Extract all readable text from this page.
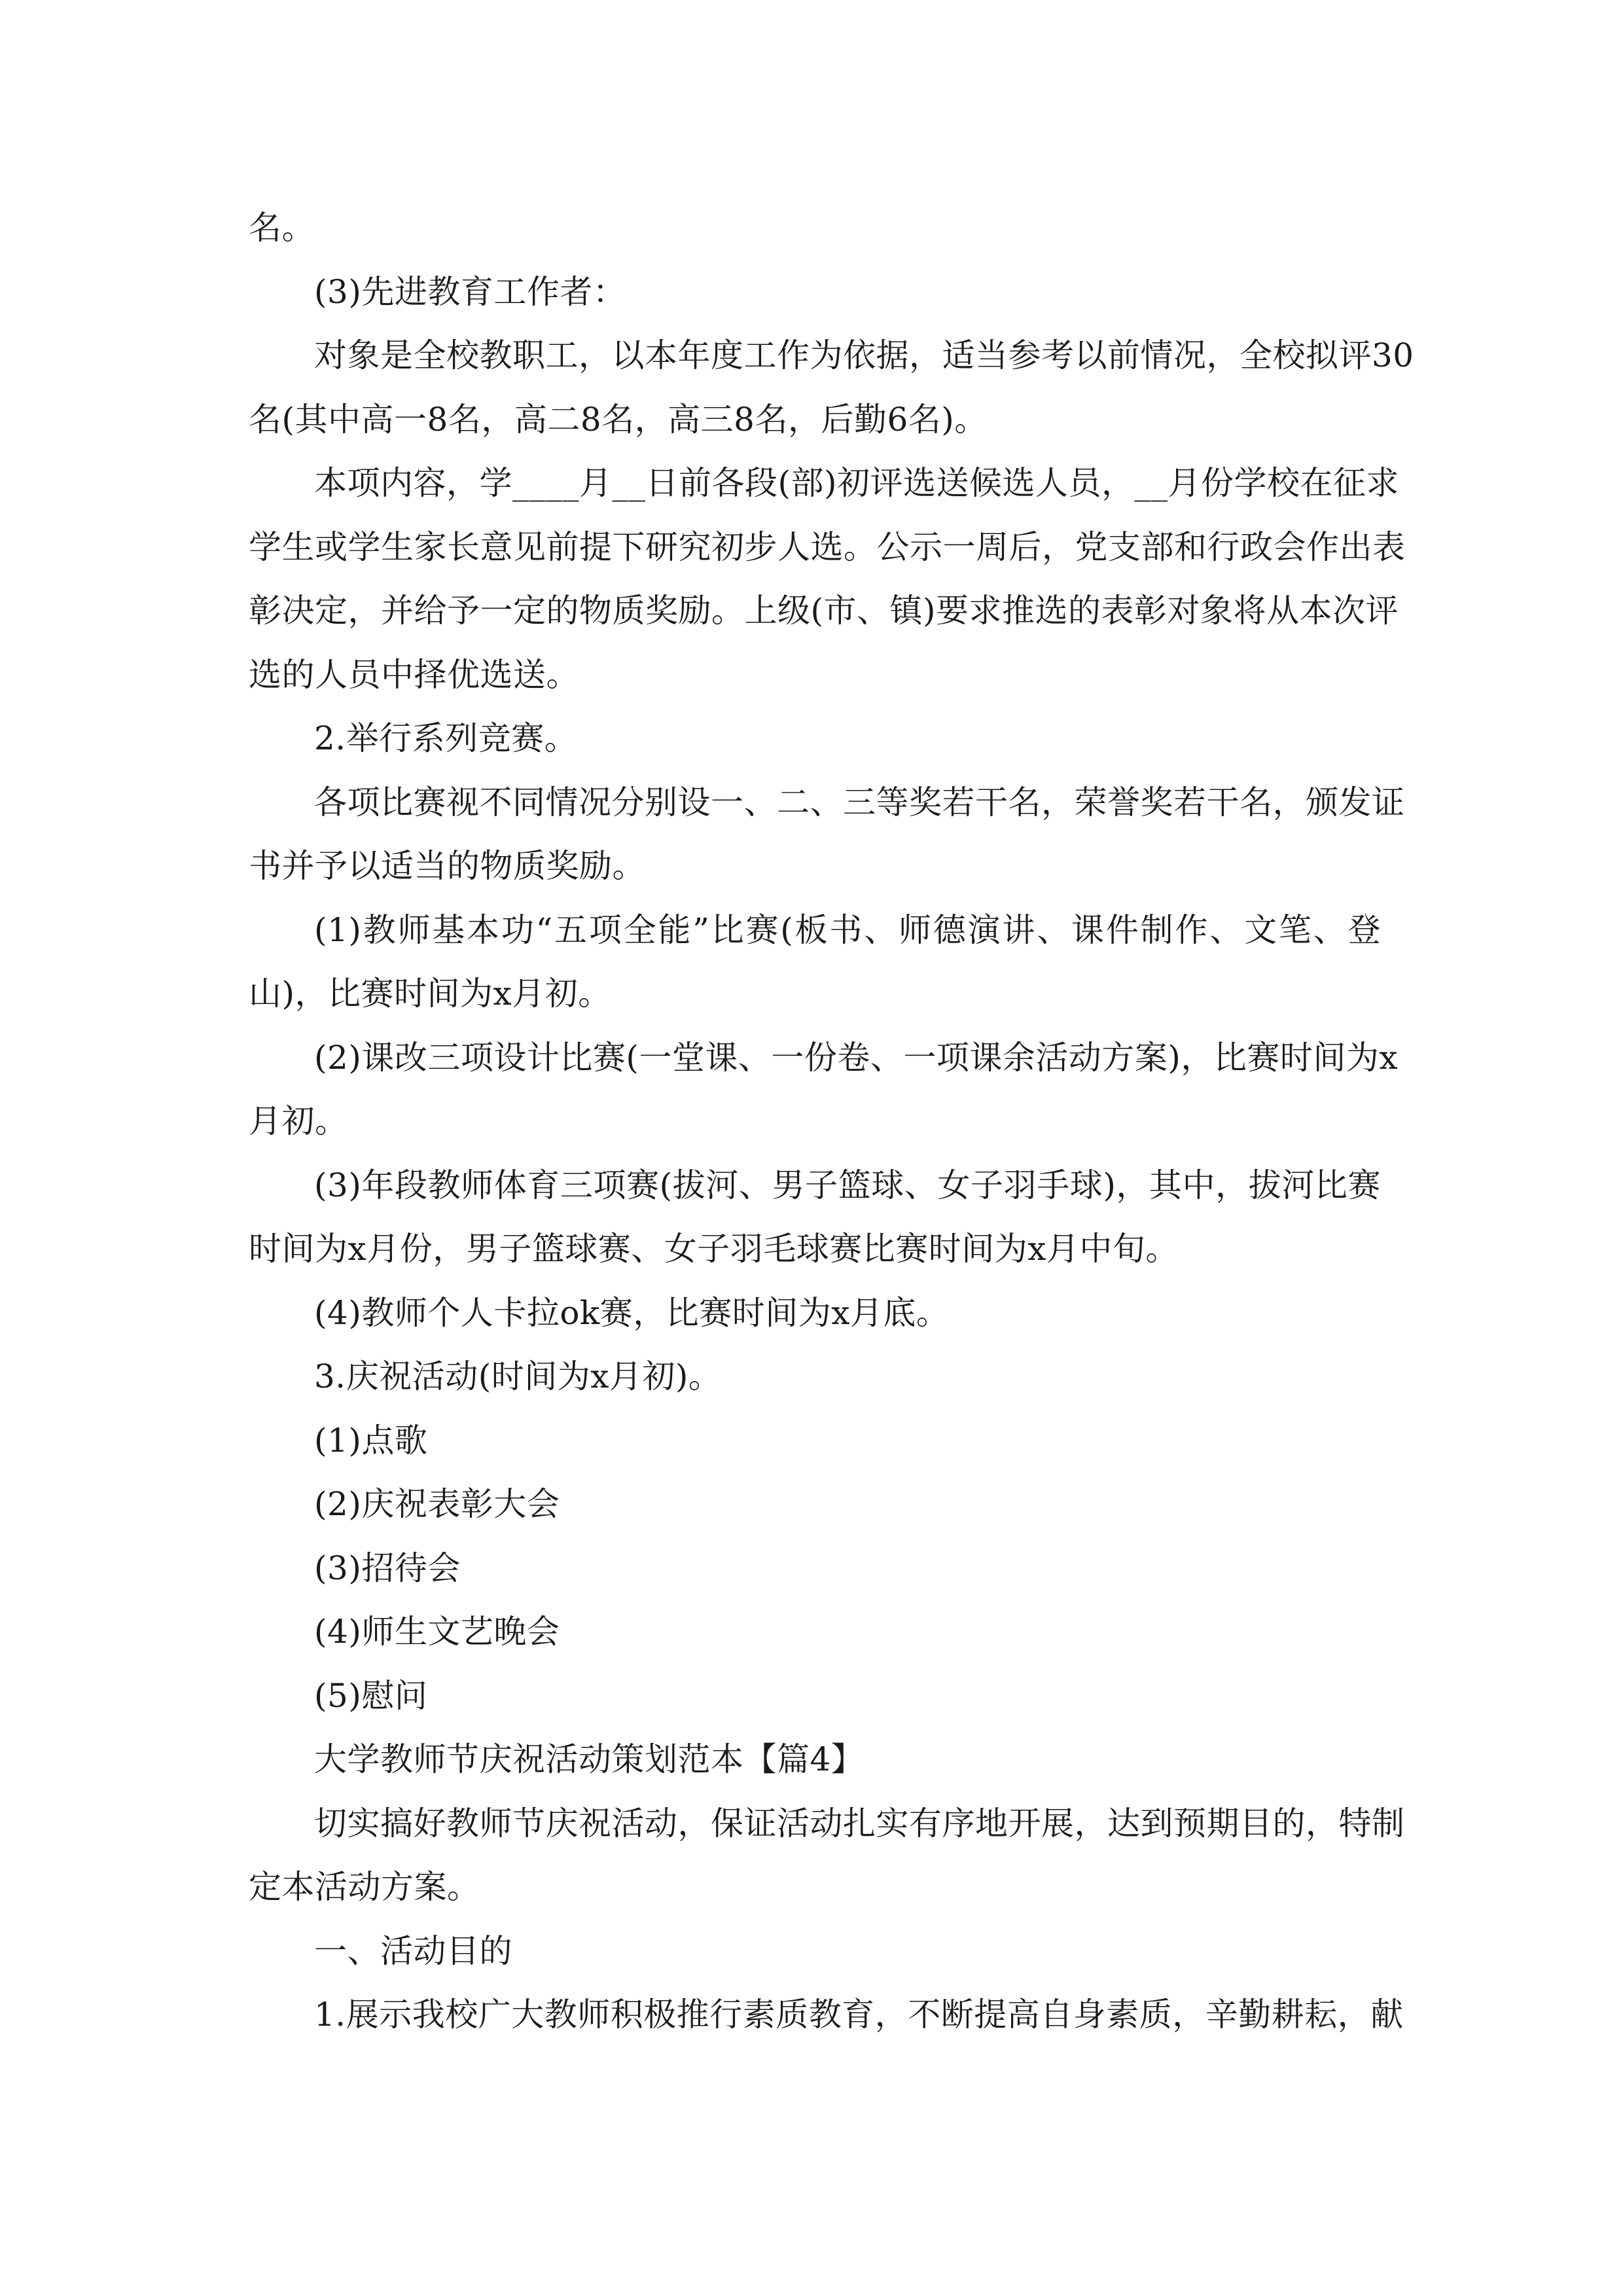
名。
(3)先进教育工作者：
对象是全校教职工，以本年度工作为依据，适当参考以前情况，全校拟评30
名(其中高一8名，高二8名，高三8名，后勤6名)。
本项内容，学____月__日前各段(部)初评选送候选人员，__月份学校在征求
学生或学生家长意见前提下研究初步人选。公示一周后，党支部和行政会作出表
彰决定，并给予一定的物质奖励。上级(市、镇)要求推选的表彰对象将从本次评
选的人员中择优选送。
2.举行系列竞赛。
各项比赛视不同情况分别设一、二、三等奖若干名，荣誉奖若干名，颁发证
书并予以适当的物质奖励。
(1)教师基本功“五项全能”比赛(板书、师德演讲、课件制作、文笔、登
山)，比赛时间为x月初。
(2)课改三项设计比赛(一堂课、一份卷、一项课余活动方案)，比赛时间为x
月初。
(3)年段教师体育三项赛(拔河、男子篮球、女子羽手球)，其中，拔河比赛
时间为x月份，男子篮球赛、女子羽毛球赛比赛时间为x月中旬。
(4)教师个人卡拉ok赛，比赛时间为x月底。
3.庆祝活动(时间为x月初)。
(1)点歌
(2)庆祝表彰大会
(3)招待会
(4)师生文艺晚会
(5)慰问
大学教师节庆祝活动策划范本【篇4】
切实搞好教师节庆祝活动，保证活动扎实有序地开展，达到预期目的，特制
定本活动方案。
一、活动目的
1.展示我校广大教师积极推行素质教育，不断提高自身素质，辛勤耕耘，献
